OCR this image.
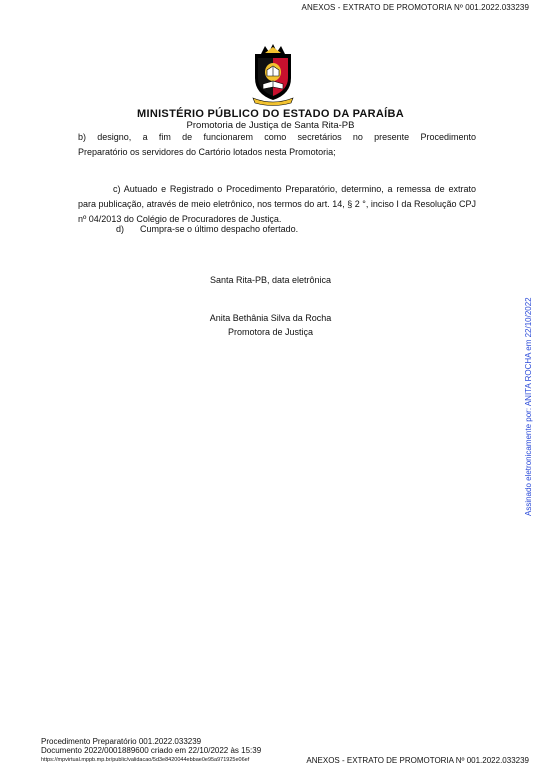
ANEXOS - EXTRATO DE PROMOTORIA Nº 001.2022.033239
MINISTÉRIO PÚBLICO DO ESTADO DA PARAÍBA
Promotoria de Justiça de Santa Rita-PB
b) designo, a fim de funcionarem como secretários no presente Procedimento
Preparatório os servidores do Cartório lotados nesta Promotoria;
c) Autuado e Registrado o Procedimento Preparatório, determino, a remessa de extrato
para publicação, através de meio eletrônico, nos termos do art. 14, § 2 °, inciso I da Resolução CPJ
nº 04/2013 do Colégio de Procuradores de Justiça.
d) Cumpra-se o último despacho ofertado.
Santa Rita-PB, data eletrônica
Anita Bethânia Silva da Rocha
Promotora de Justiça	Assinado eletronicamente por: ANITA ROCHA em 22/10/2022
Procedimento Preparatório 001.2022.033239
Documento 2022/0001889600 criado em 22/10/2022 às 15:39
https://mpvirtual.mppb.mp.br/public/validacao/5d3e8420044ebbae0e95a971925e06ef	ANEXOS - EXTRATO DE PROMOTORIA Nº 001.2022.033239
